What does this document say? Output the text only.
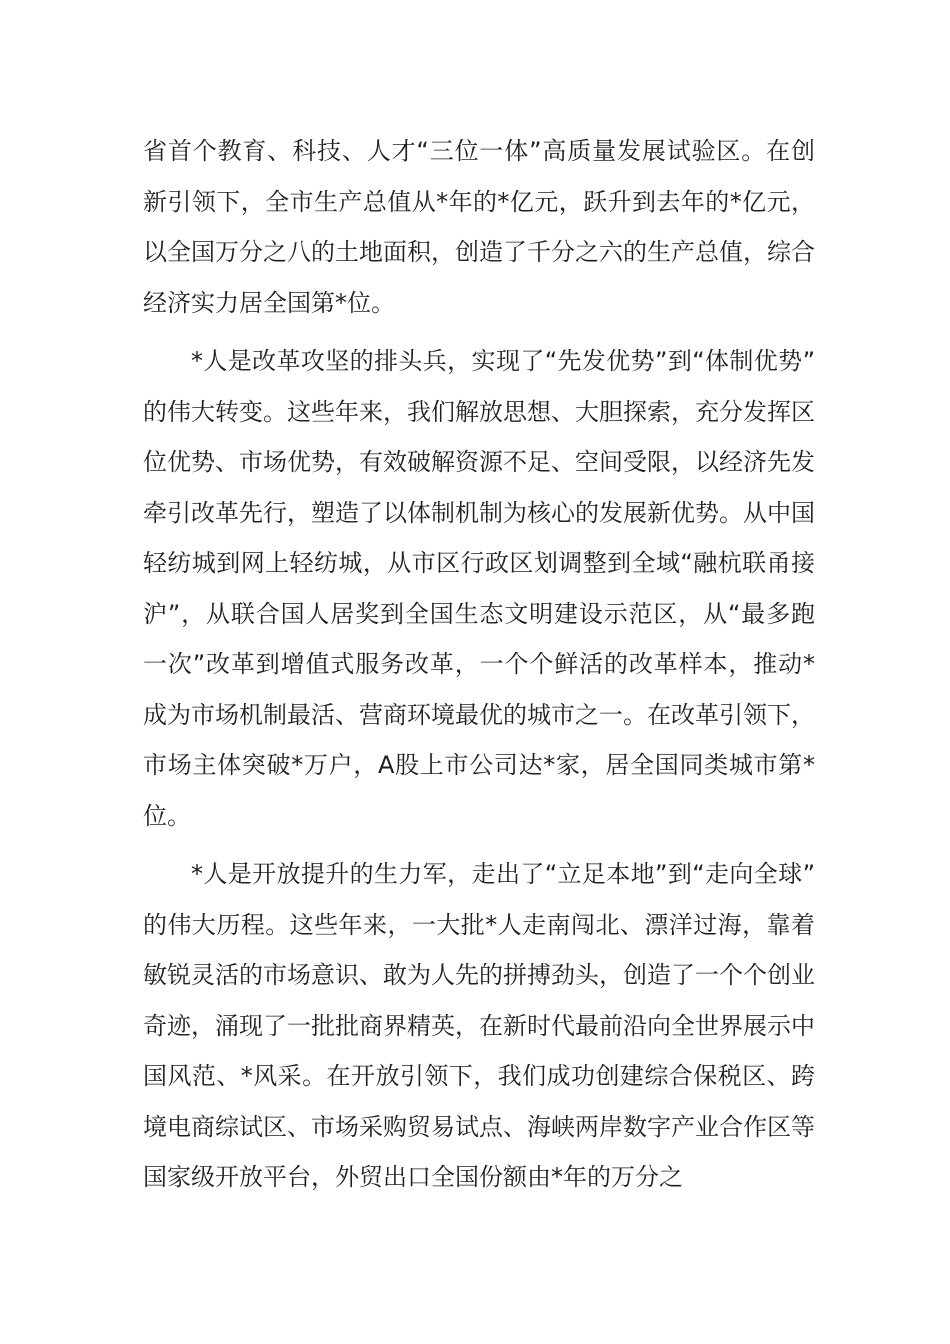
省首个教育、科技、人才“三位一体”高质量发展试验区。在创新引领下，全市生产总值从*年的*亿元，跃升到去年的*亿元，以全国万分之八的土地面积，创造了千分之六的生产总值，综合经济实力居全国第*位。

*人是改革攻坚的排头兵，实现了“先发优势”到“体制优势”的伟大转变。这些年来，我们解放思想、大胆探索，充分发挥区位优势、市场优势，有效破解资源不足、空间受限，以经济先发牵引改革先行，塑造了以体制机制为核心的发展新优势。从中国轻纺城到网上轻纺城，从市区行政区划调整到全域“融杭联甬接沪”，从联合国人居奖到全国生态文明建设示范区，从“最多跑一次”改革到增值式服务改革，一个个鲜活的改革样本，推动*成为市场机制最活、营商环境最优的城市之一。在改革引领下，市场主体突破*万户，A股上市公司达*家，居全国同类城市第*位。

*人是开放提升的生力军，走出了“立足本地”到“走向全球”的伟大历程。这些年来，一大批*人走南闯北、漂洋过海，靠着敏锐灵活的市场意识、敢为人先的拼搏劲头，创造了一个个创业奇迹，涌现了一批批商界精英，在新时代最前沿向全世界展示中国风范、*风采。在开放引领下，我们成功创建综合保税区、跨境电商综试区、市场采购贸易试点、海峡两岸数字产业合作区等国家级开放平台，外贸出口全国份额由*年的万分之
